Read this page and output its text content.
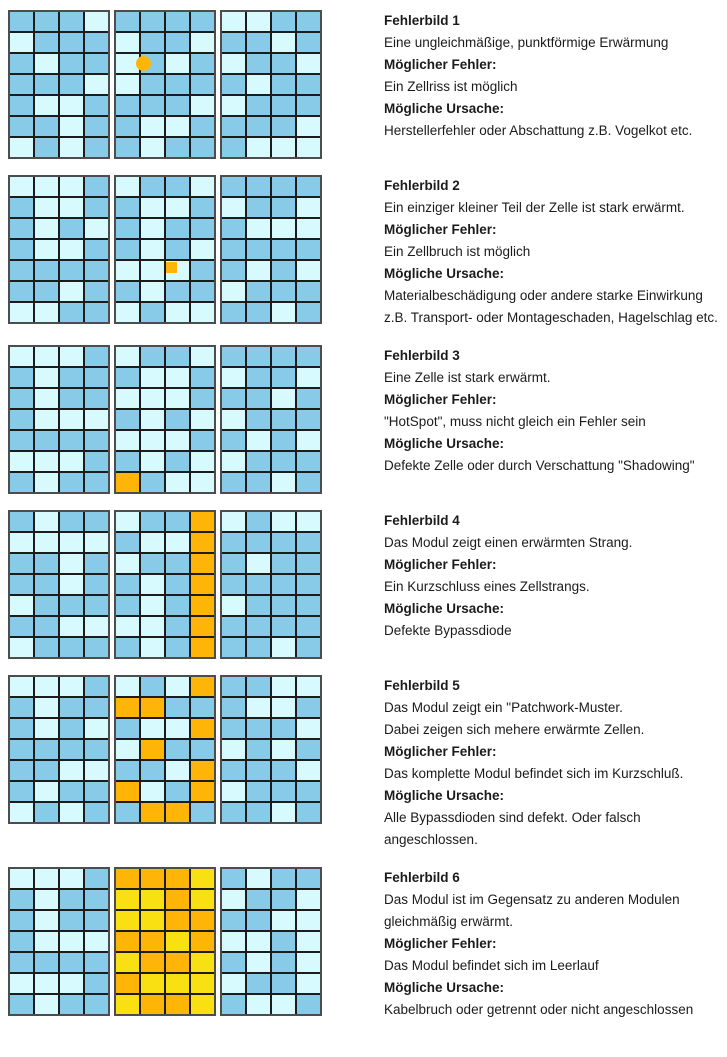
Fehlerbild 1
Eine ungleichmäßige, punktförmige Erwärmung
Möglicher Fehler:
Ein Zellriss ist möglich
Mögliche Ursache:
Herstellerfehler oder Abschattung z.B. Vogelkot etc.
Fehlerbild 2
Ein einziger kleiner Teil der Zelle ist stark erwärmt.
Möglicher Fehler:
Ein Zellbruch ist möglich
Mögliche Ursache:
Materialbeschädigung oder andere starke Einwirkung
z.B. Transport- oder Montageschaden, Hagelschlag etc.
Fehlerbild 3
Eine Zelle ist stark erwärmt.
Möglicher Fehler:
"HotSpot", muss nicht gleich ein Fehler sein
Mögliche Ursache:
Defekte Zelle oder durch Verschattung "Shadowing"
Fehlerbild 4
Das Modul zeigt einen erwärmten Strang.
Möglicher Fehler:
Ein Kurzschluss eines Zellstrangs.
Mögliche Ursache:
Defekte Bypassdiode
Fehlerbild 5
Das Modul zeigt ein "Patchwork-Muster.
Dabei zeigen sich mehere erwärmte Zellen.
Möglicher Fehler:
Das komplette Modul befindet sich im Kurzschluß.
Mögliche Ursache:
Alle Bypassdioden sind defekt. Oder falsch angeschlossen.
Fehlerbild 6
Das Modul ist im Gegensatz zu anderen Modulen
gleichmäßig erwärmt.
Möglicher Fehler:
Das Modul befindet sich im Leerlauf
Mögliche Ursache:
Kabelbruch oder getrennt oder nicht angeschlossen
